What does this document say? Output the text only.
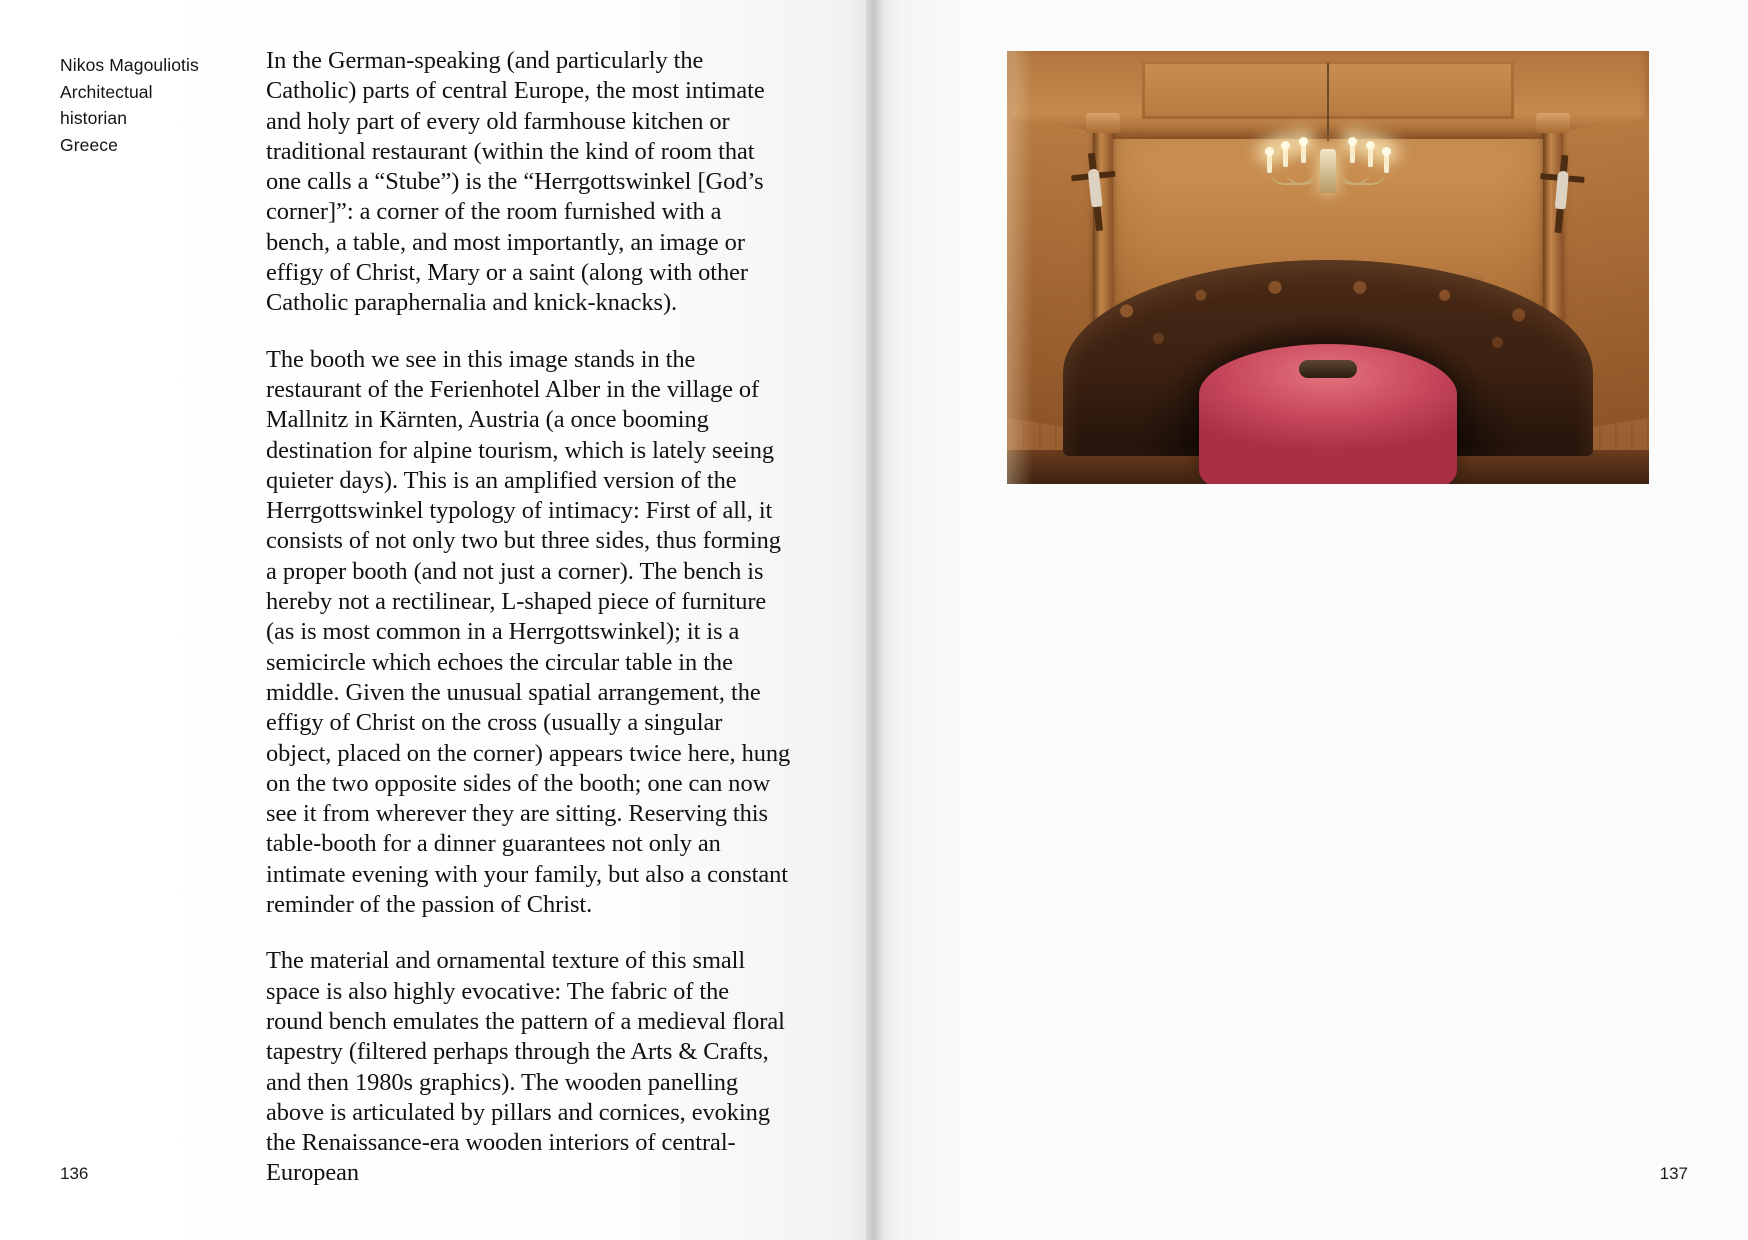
Nikos Magouliotis
Architectual
historian
Greece

In the German-speaking (and particularly the Catholic) parts of central Europe, the most intimate and holy part of every old farmhouse kitchen or traditional restaurant (within the kind of room that one calls a “Stube”) is the “Herrgottswinkel [God’s corner]”: a corner of the room furnished with a bench, a table, and most importantly, an image or effigy of Christ, Mary or a saint (along with other Catholic paraphernalia and knick-knacks).

The booth we see in this image stands in the restaurant of the Ferienhotel Alber in the village of Mallnitz in Kärnten, Austria (a once booming destination for alpine tourism, which is lately seeing quieter days). This is an amplified version of the Herrgottswinkel typology of intimacy: First of all, it consists of not only two but three sides, thus forming a proper booth (and not just a corner). The bench is hereby not a rectilinear, L-shaped piece of furniture (as is most common in a Herrgottswinkel); it is a semicircle which echoes the circular table in the middle. Given the unusual spatial arrangement, the effigy of Christ on the cross (usually a singular object, placed on the corner) appears twice here, hung on the two opposite sides of the booth; one can now see it from wherever they are sitting. Reserving this table-booth for a dinner guarantees not only an intimate evening with your family, but also a constant reminder of the passion of Christ.

The material and ornamental texture of this small space is also highly evocative: The fabric of the round bench emulates the pattern of a medieval floral tapestry (filtered perhaps through the Arts & Crafts, and then 1980s graphics). The wooden panelling above is articulated by pillars and cornices, evoking the Renaissance-era wooden interiors of central-European

136	137
